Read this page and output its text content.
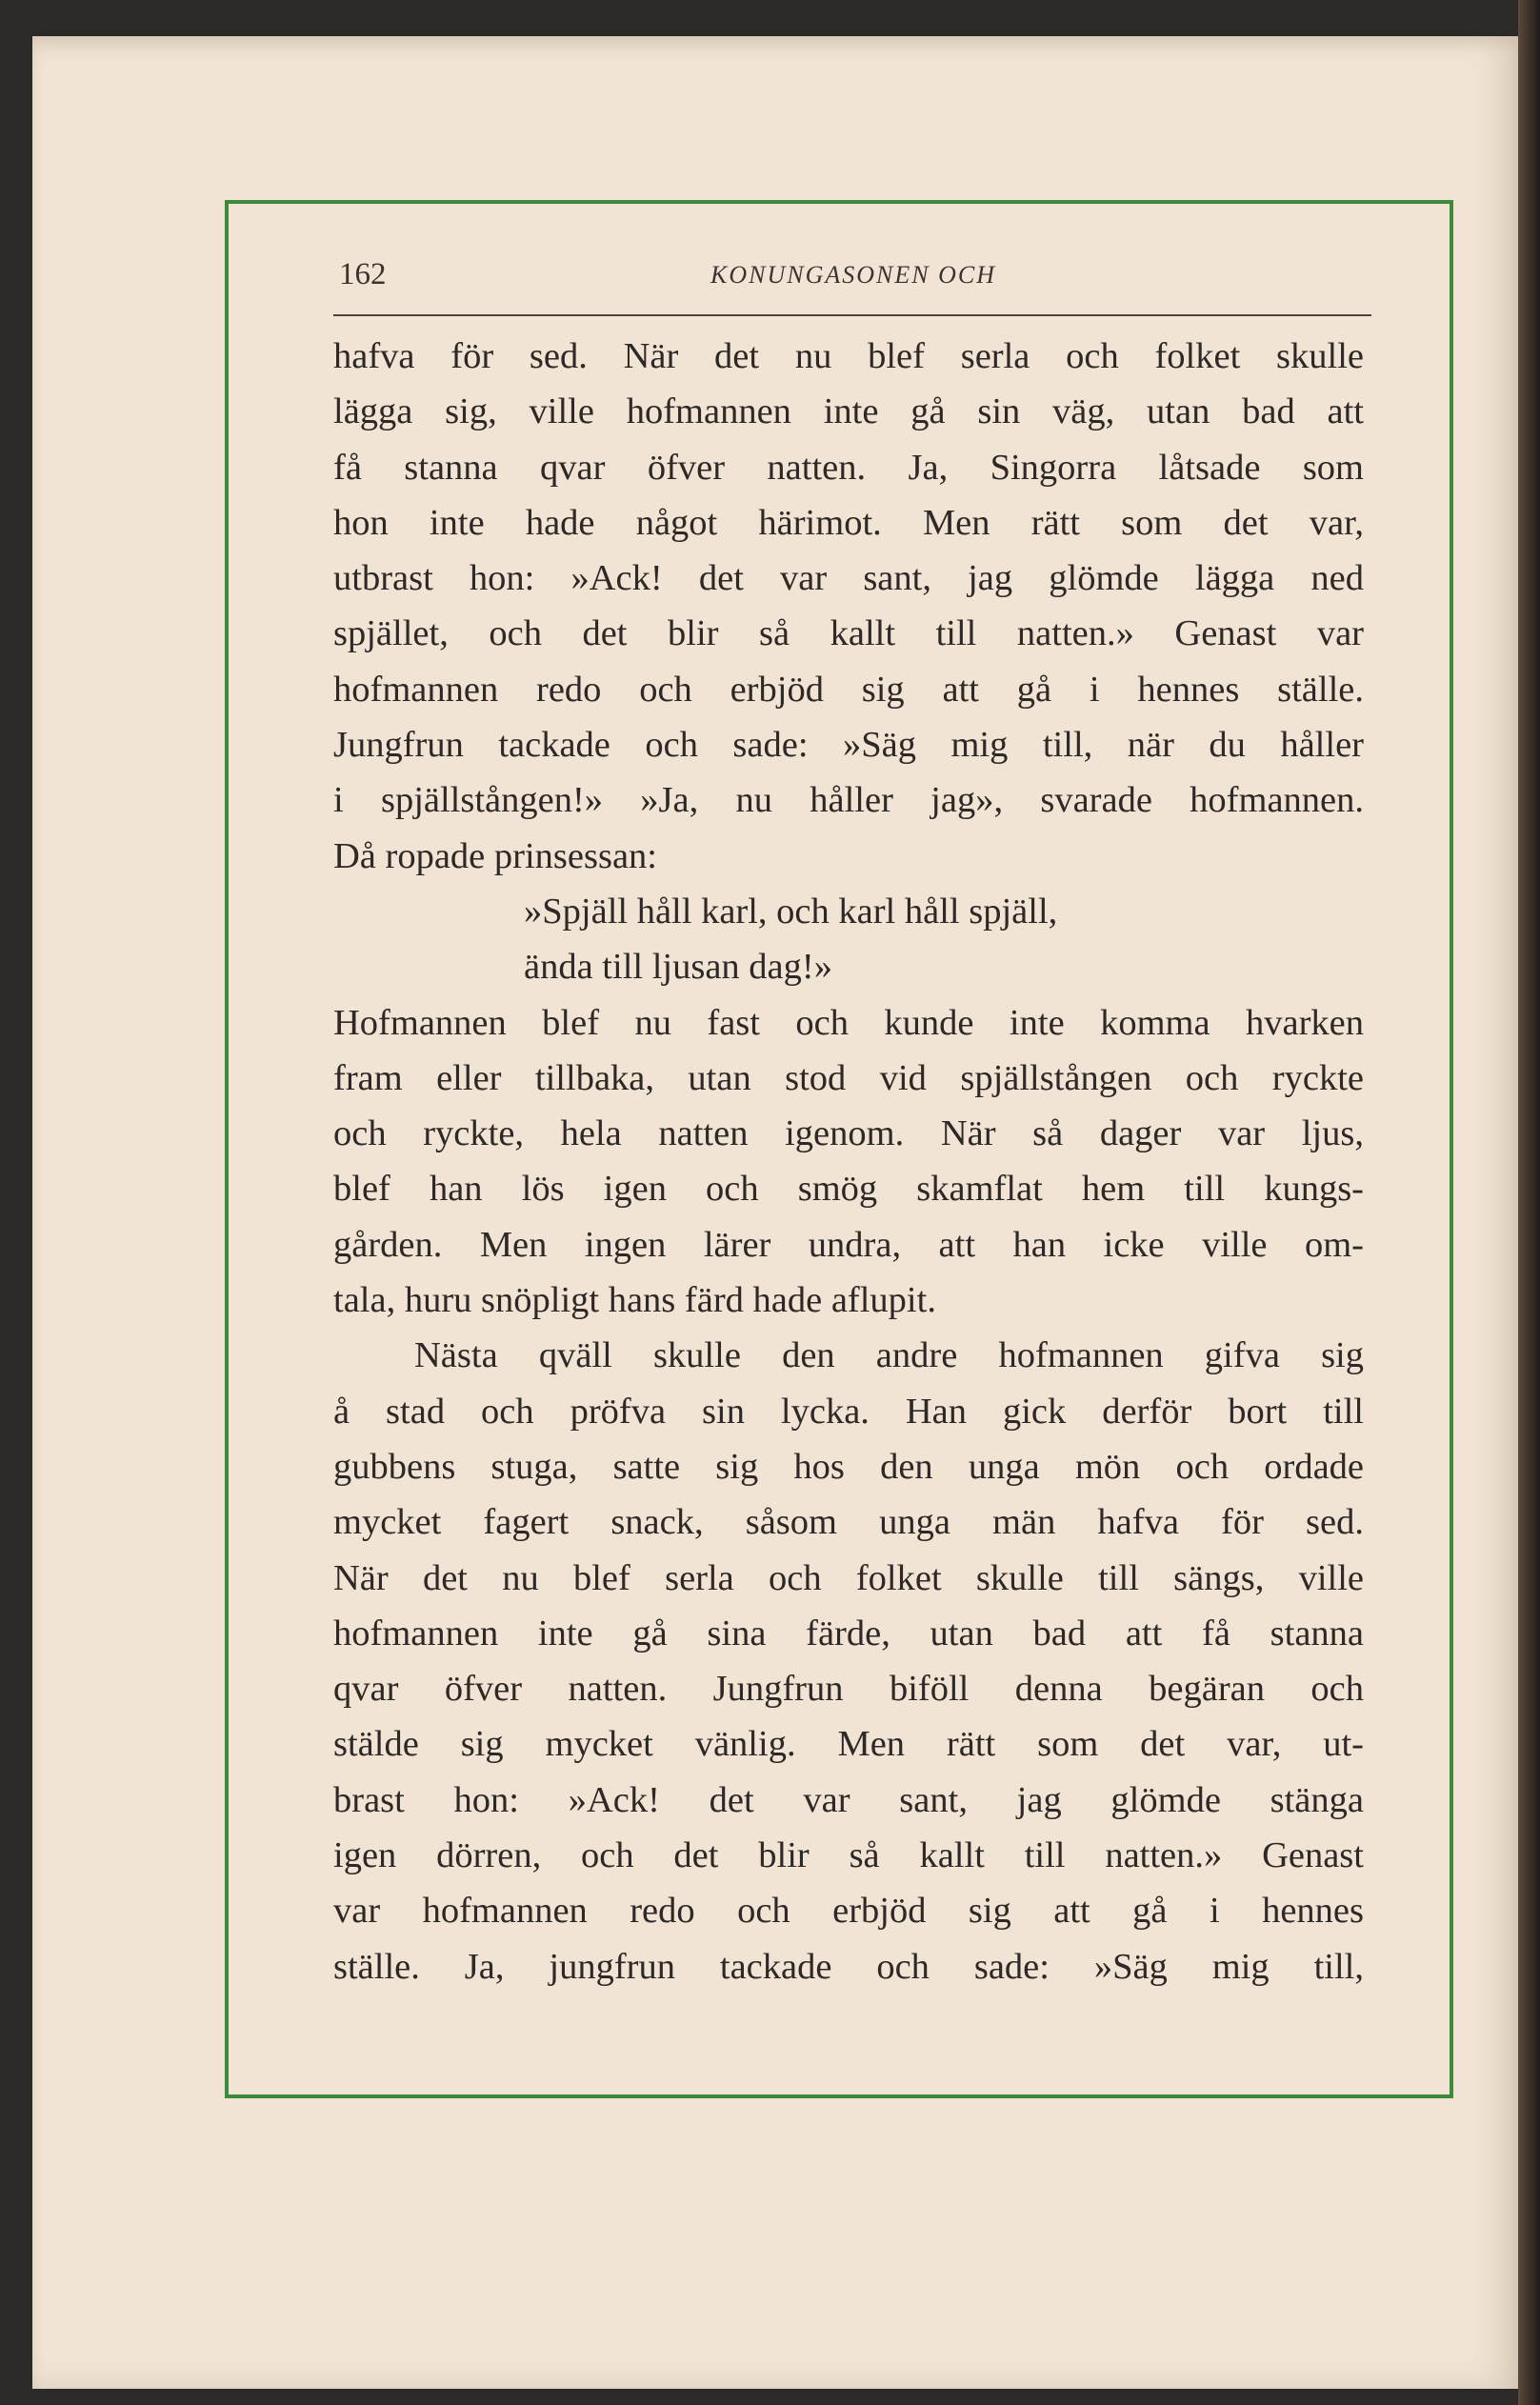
162	KONUNGASONEN OCH
hafva för sed. När det nu blef serla och folket skulle
lägga sig, ville hofmannen inte gå sin väg, utan bad att
få stanna qvar öfver natten. Ja, Singorra låtsade som
hon inte hade något härimot. Men rätt som det var,
utbrast hon: »Ack! det var sant, jag glömde lägga ned
spjället, och det blir så kallt till natten.» Genast var
hofmannen redo och erbjöd sig att gå i hennes ställe.
Jungfrun tackade och sade: »Säg mig till, när du håller
i spjällstången!» »Ja, nu håller jag», svarade hofmannen.
Då ropade prinsessan:
»Spjäll håll karl, och karl håll spjäll,
ända till ljusan dag!»
Hofmannen blef nu fast och kunde inte komma hvarken
fram eller tillbaka, utan stod vid spjällstången och ryckte
och ryckte, hela natten igenom. När så dager var ljus,
blef han lös igen och smög skamflat hem till kungs-
gården. Men ingen lärer undra, att han icke ville om-
tala, huru snöpligt hans färd hade aflupit.
Nästa qväll skulle den andre hofmannen gifva sig
å stad och pröfva sin lycka. Han gick derför bort till
gubbens stuga, satte sig hos den unga mön och ordade
mycket fagert snack, såsom unga män hafva för sed.
När det nu blef serla och folket skulle till sängs, ville
hofmannen inte gå sina färde, utan bad att få stanna
qvar öfver natten. Jungfrun biföll denna begäran och
stälde sig mycket vänlig. Men rätt som det var, ut-
brast hon: »Ack! det var sant, jag glömde stänga
igen dörren, och det blir så kallt till natten.» Genast
var hofmannen redo och erbjöd sig att gå i hennes
ställe. Ja, jungfrun tackade och sade: »Säg mig till,
